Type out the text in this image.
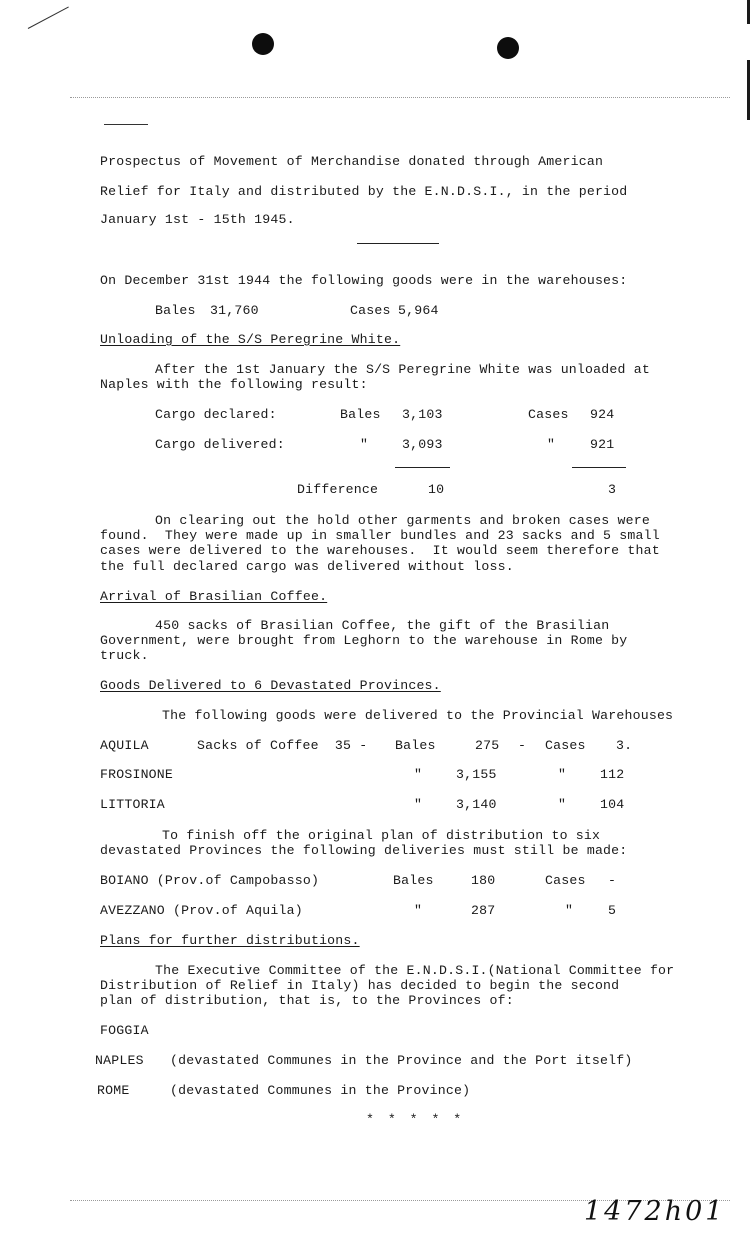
Prospectus of Movement of Merchandise donated through American
Relief for Italy and distributed by the E.N.D.S.I., in the period
January 1st - 15th 1945.
On December 31st 1944 the following goods were in the warehouses:
Bales 31,760	Cases 5,964
Unloading of the S/S Peregrine White.
After the 1st January the S/S Peregrine White was unloaded at
Naples with the following result:
Cargo declared:	Bales 3,103	Cases 924
Cargo delivered:	"	3,093	"	921
Difference	10	3
On clearing out the hold other garments and broken cases were
found.  They were made up in smaller bundles and 23 sacks and 5 small
cases were delivered to the warehouses.  It would seem therefore that
the full declared cargo was delivered without loss.
Arrival of Brasilian Coffee.
450 sacks of Brasilian Coffee, the gift of the Brasilian
Government, were brought from Leghorn to the warehouse in Rome by
truck.
Goods Delivered to 6 Devastated Provinces.
The following goods were delivered to the Provincial Warehouses
AQUILA	Sacks of Coffee  35 - Bales	275 - Cases 3.
FROSINONE	"	3,155	"	112
LITTORIA	"	3,140	"	104
To finish off the original plan of distribution to six
devastated Provinces the following deliveries must still be made:
BOIANO (Prov.of Campobasso)	Bales	180	Cases -
AVEZZANO (Prov.of Aquila)	"	287	"	5
Plans for further distributions.
The Executive Committee of the E.N.D.S.I.(National Committee for
Distribution of Relief in Italy) has decided to begin the second
plan of distribution, that is, to the Provinces of:
FOGGIA
NAPLES (devastated Communes in the Province and the Port itself)
ROME	(devastated Communes in the Province)
* * * * *
1472h01
